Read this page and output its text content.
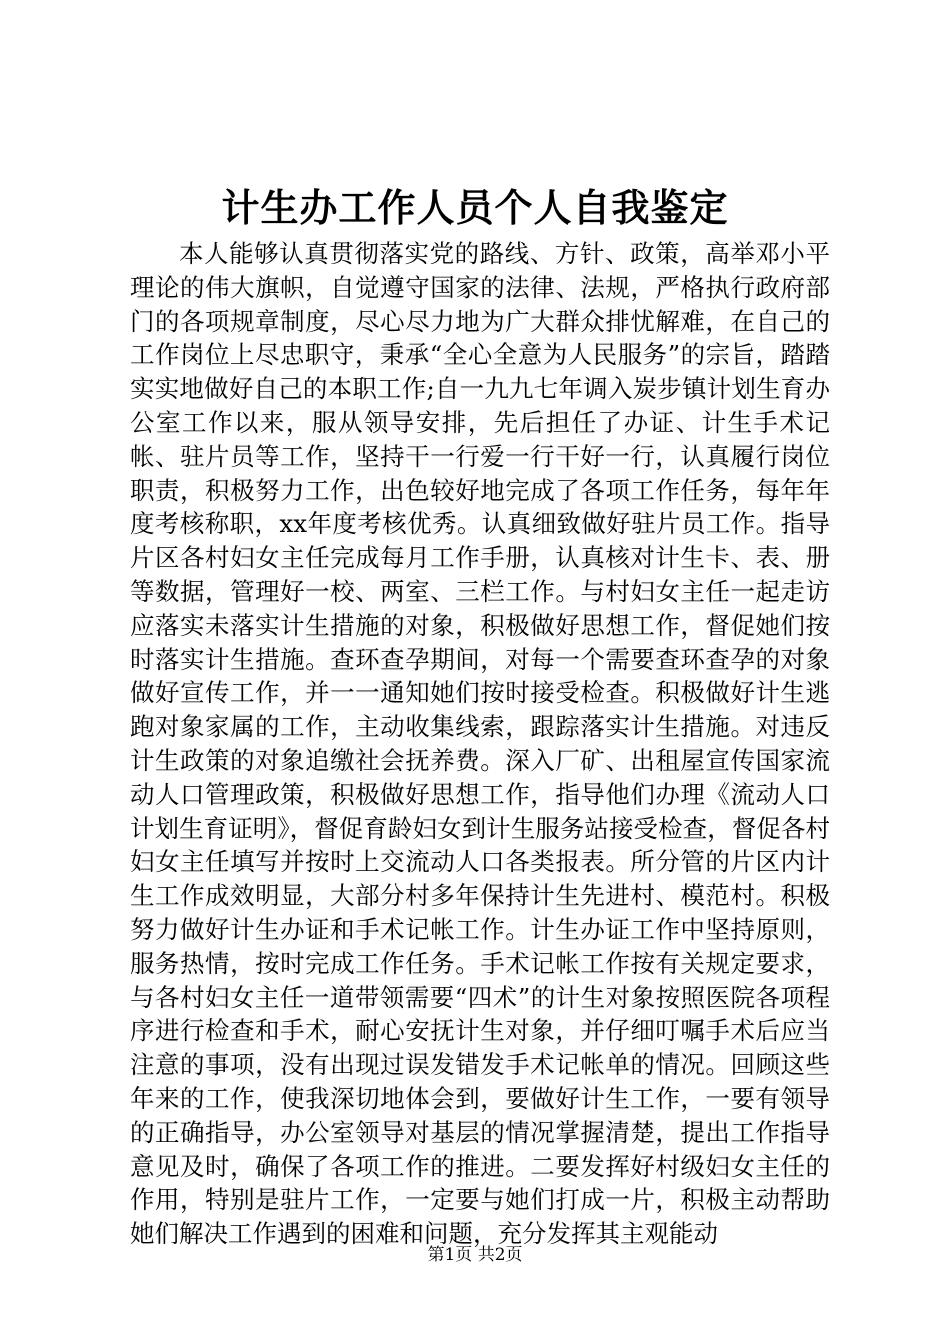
计生办工作人员个人自我鉴定

本人能够认真贯彻落实党的路线、方针、政策，高举邓小平理论的伟大旗帜，自觉遵守国家的法律、法规，严格执行政府部门的各项规章制度，尽心尽力地为广大群众排忧解难，在自己的工作岗位上尽忠职守，秉承“全心全意为人民服务”的宗旨，踏踏实实地做好自己的本职工作;自一九九七年调入炭步镇计划生育办公室工作以来，服从领导安排，先后担任了办证、计生手术记帐、驻片员等工作，坚持干一行爱一行干好一行，认真履行岗位职责，积极努力工作，出色较好地完成了各项工作任务，每年年度考核称职，xx年度考核优秀。认真细致做好驻片员工作。指导片区各村妇女主任完成每月工作手册，认真核对计生卡、表、册等数据，管理好一校、两室、三栏工作。与村妇女主任一起走访应落实未落实计生措施的对象，积极做好思想工作，督促她们按时落实计生措施。查环查孕期间，对每一个需要查环查孕的对象做好宣传工作，并一一通知她们按时接受检查。积极做好计生逃跑对象家属的工作，主动收集线索，跟踪落实计生措施。对违反计生政策的对象追缴社会抚养费。深入厂矿、出租屋宣传国家流动人口管理政策，积极做好思想工作，指导他们办理《流动人口计划生育证明》，督促育龄妇女到计生服务站接受检查，督促各村妇女主任填写并按时上交流动人口各类报表。所分管的片区内计生工作成效明显，大部分村多年保持计生先进村、模范村。积极努力做好计生办证和手术记帐工作。计生办证工作中坚持原则，服务热情，按时完成工作任务。手术记帐工作按有关规定要求，与各村妇女主任一道带领需要“四术”的计生对象按照医院各项程序进行检查和手术，耐心安抚计生对象，并仔细叮嘱手术后应当注意的事项，没有出现过误发错发手术记帐单的情况。回顾这些年来的工作，使我深切地体会到，要做好计生工作，一要有领导的正确指导，办公室领导对基层的情况掌握清楚，提出工作指导意见及时，确保了各项工作的推进。二要发挥好村级妇女主任的作用，特别是驻片工作，一定要与她们打成一片，积极主动帮助她们解决工作遇到的困难和问题，充分发挥其主观能动

第1页 共2页
